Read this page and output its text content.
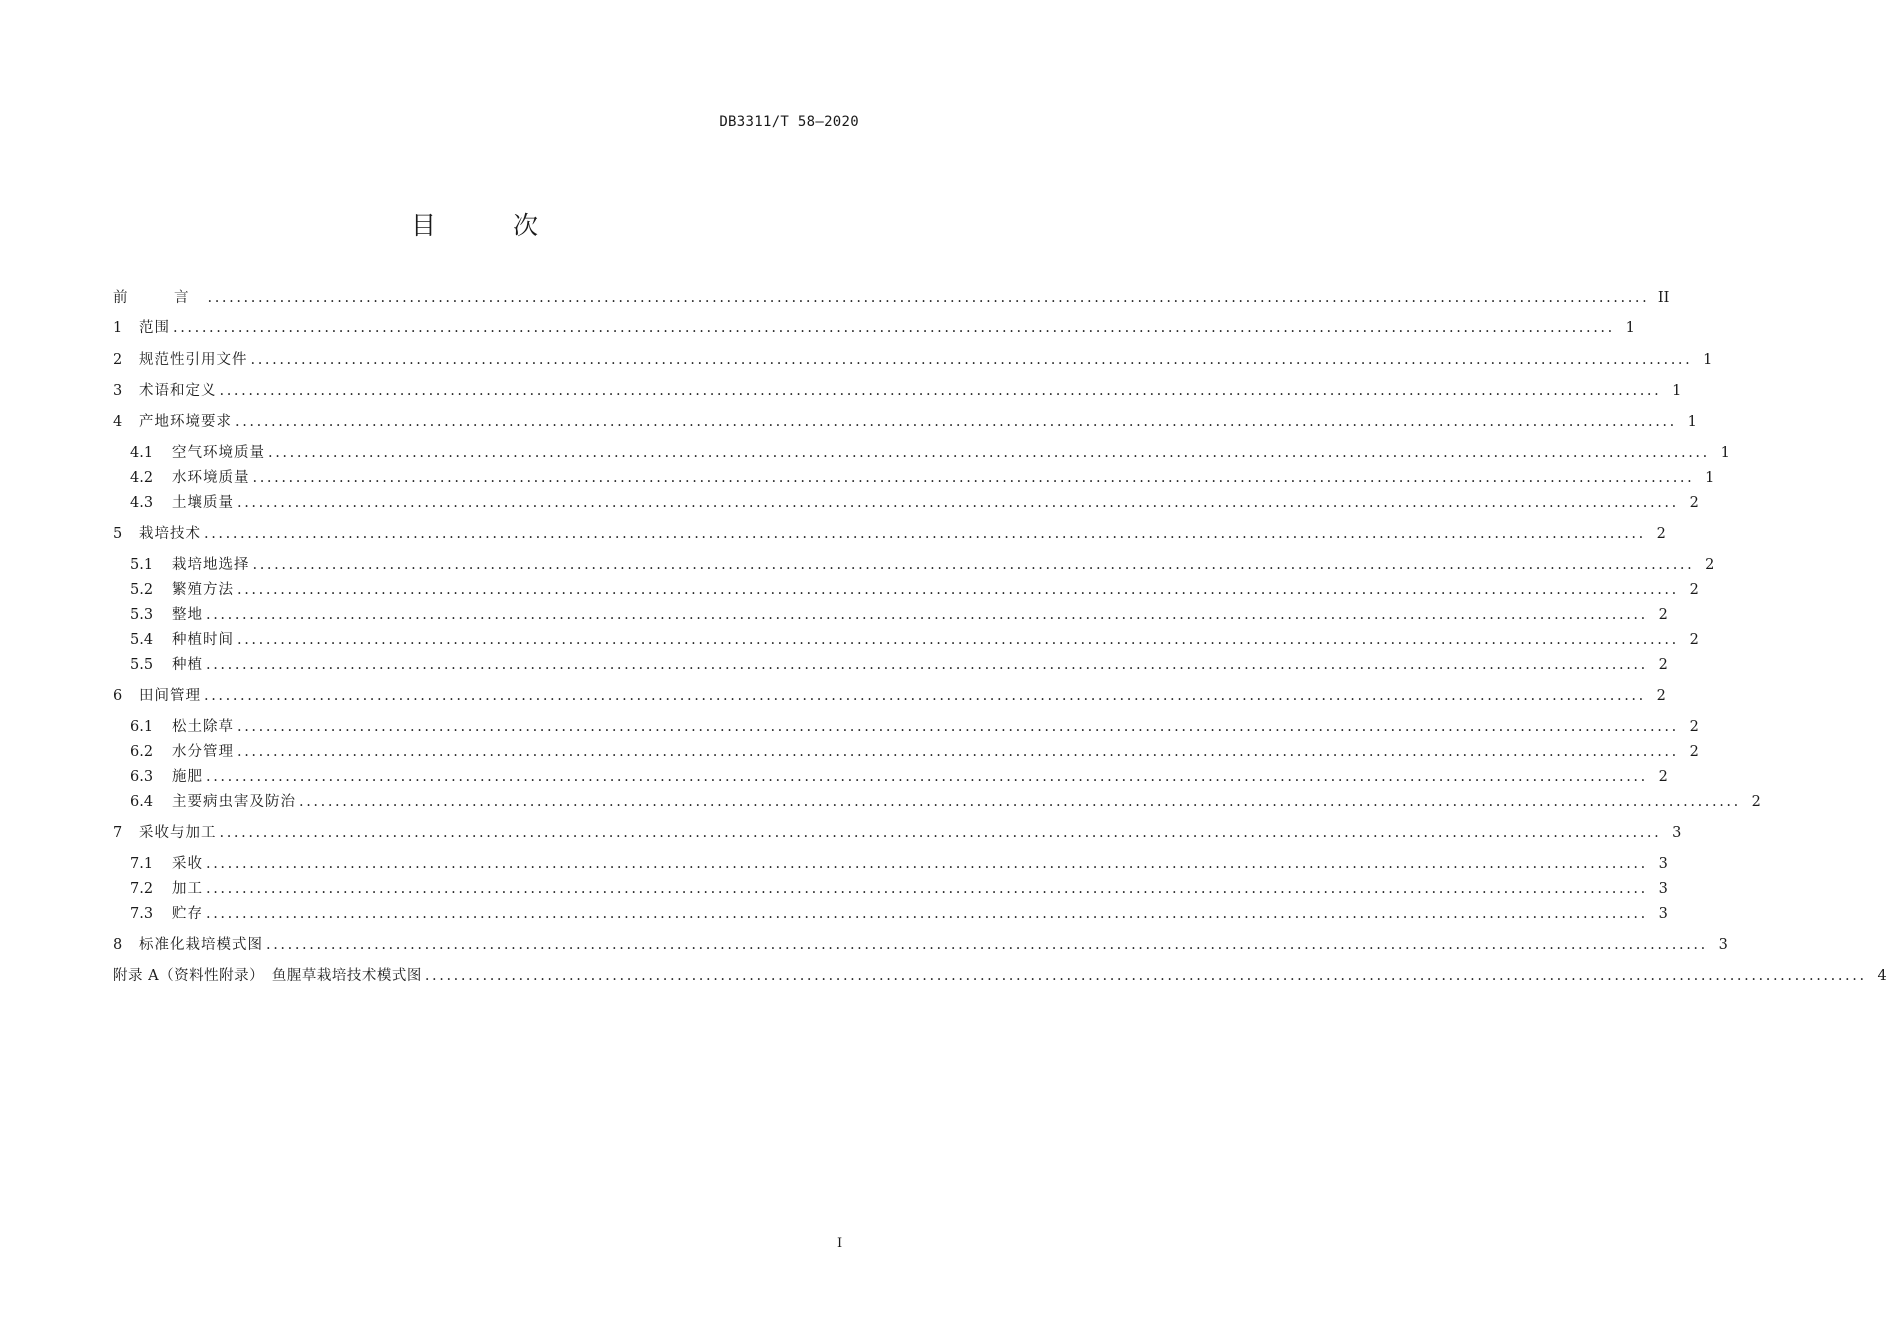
DB3311/T 58—2020
目　次
前　言 ........................................................................................................................................................................................................ II
1	范围 ........................................................................................................................................................................................................ 1
2	规范性引用文件 ........................................................................................................................................................................................................ 1
3	术语和定义 ........................................................................................................................................................................................................ 1
4	产地环境要求 ........................................................................................................................................................................................................ 1
4.1	空气环境质量 ........................................................................................................................................................................................................ 1
4.2	水环境质量 ........................................................................................................................................................................................................ 1
4.3	土壤质量 ........................................................................................................................................................................................................ 2
5	栽培技术 ........................................................................................................................................................................................................ 2
5.1	栽培地选择 ........................................................................................................................................................................................................ 2
5.2	繁殖方法 ........................................................................................................................................................................................................ 2
5.3	整地 ........................................................................................................................................................................................................ 2
5.4	种植时间 ........................................................................................................................................................................................................ 2
5.5	种植 ........................................................................................................................................................................................................ 2
6	田间管理 ........................................................................................................................................................................................................ 2
6.1	松土除草 ........................................................................................................................................................................................................ 2
6.2	水分管理 ........................................................................................................................................................................................................ 2
6.3	施肥 ........................................................................................................................................................................................................ 2
6.4	主要病虫害及防治 ........................................................................................................................................................................................................ 2
7	采收与加工 ........................................................................................................................................................................................................ 3
7.1	采收 ........................................................................................................................................................................................................ 3
7.2	加工 ........................................................................................................................................................................................................ 3
7.3	贮存 ........................................................................................................................................................................................................ 3
8	标准化栽培模式图 ........................................................................................................................................................................................................ 3
附录 A（资料性附录）　鱼腥草栽培技术模式图 ........................................................................................................................................................................................................ 4
I
